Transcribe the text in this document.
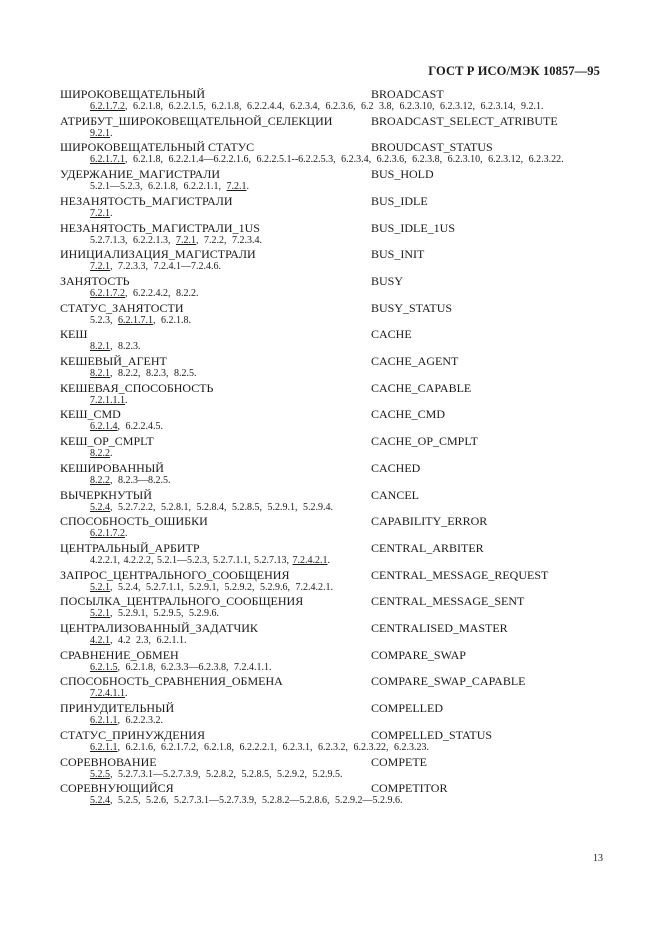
ГОСТ Р ИСО/МЭК 10857—95
ШИРОКОВЕЩАТЕЛЬНЫЙ	BROADCAST
6.2.1.7.2, 6.2.1.8, 6.2.2.1.5, 6.2.1.8, 6.2.2.4.4, 6.2.3.4, 6.2.3.6, 6.2 3.8, 6.2.3.10, 6.2.3.12, 6.2.3.14, 9.2.1.
АТРИБУТ_ШИРОКОВЕЩАТЕЛЬНОЙ_СЕЛЕКЦИИ	BROADCAST_SELECT_ATRIBUTE
9.2.1.
ШИРОКОВЕЩАТЕЛЬНЫЙ СТАТУС	BROUDCAST_STATUS
6.2.1.7.1, 6.2.1.8, 6.2.2.1.4—6.2.2.1.6, 6.2.2.5.1--6.2.2.5.3, 6.2.3.4, 6.2.3.6, 6.2.3.8, 6.2.3.10, 6.2.3.12, 6.2.3.22.
УДЕРЖАНИЕ_МАГИСТРАЛИ	BUS_HOLD
5.2.1—5.2.3, 6.2.1.8, 6.2.2.1.1, 7.2.1.
НЕЗАНЯТОСТЬ_МАГИСТРАЛИ	BUS_IDLE
7.2.1.
НЕЗАНЯТОСТЬ_МАГИСТРАЛИ_1US	BUS_IDLE_1US
5.2.7.1.3, 6.2.2.1.3, 7.2.1, 7.2.2, 7.2.3.4.
ИНИЦИАЛИЗАЦИЯ_МАГИСТРАЛИ	BUS_INIT
7.2.1, 7.2.3.3, 7.2.4.1—7.2.4.6.
ЗАНЯТОСТЬ	BUSY
6.2.1.7.2, 6.2.2.4.2, 8.2.2.
СТАТУС_ЗАНЯТОСТИ	BUSY_STATUS
5.2.3, 6.2.1.7.1, 6.2.1.8.
КЕШ	CACHE
8.2.1, 8.2.3.
КЕШЕВЫЙ_АГЕНТ	CACHE_AGENT
8.2.1, 8.2.2, 8.2.3, 8.2.5.
КЕШЕВАЯ_СПОСОБНОСТЬ	CACHE_CAPABLE
7.2.1.1.1.
КЕШ_CMD	CACHE_CMD
6.2.1.4, 6.2.2.4.5.
КЕШ_OP_CMPLT	CACHE_OP_CMPLT
8.2.2.
КЕШИРОВАННЫЙ	CACHED
8.2.2, 8.2.3—8.2.5.
ВЫЧЕРКНУТЫЙ	CANCEL
5.2.4, 5.2.7.2.2, 5.2.8.1, 5.2.8.4, 5.2.8.5, 5.2.9.1, 5.2.9.4.
СПОСОБНОСТЬ_ОШИБКИ	CAPABILITY_ERROR
6.2.1.7.2.
ЦЕНТРАЛЬНЫЙ_АРБИТР	CENTRAL_ARBITER
4.2.2.1, 4.2.2.2, 5.2.1—5.2.3, 5.2.7.1.1, 5.2.7.13, 7.2.4.2.1.
ЗАПРОС_ЦЕНТРАЛЬНОГО_СООБЩЕНИЯ	CENTRAL_MESSAGE_REQUEST
5.2.1, 5.2.4, 5.2.7.1.1, 5.2.9.1, 5.2.9.2, 5.2.9.6, 7.2.4.2.1.
ПОСЫЛКА_ЦЕНТРАЛЬНОГО_СООБЩЕНИЯ	CENTRAL_MESSAGE_SENT
5.2.1, 5.2.9.1, 5.2.9.5, 5.2.9.6.
ЦЕНТРАЛИЗОВАННЫЙ_ЗАДАТЧИК	CENTRALISED_MASTER
4.2.1, 4.2 2.3, 6.2.1.1.
СРАВНЕНИЕ_ОБМЕН	COMPARE_SWAP
6.2.1.5, 6.2.1.8, 6.2.3.3—6.2.3.8, 7.2.4.1.1.
СПОСОБНОСТЬ_СРАВНЕНИЯ_ОБМЕНА	COMPARE_SWAP_CAPABLE
7.2.4.1.1.
ПРИНУДИТЕЛЬНЫЙ	COMPELLED
6.2.1.1, 6.2.2.3.2.
СТАТУС_ПРИНУЖДЕНИЯ	COMPELLED_STATUS
6.2.1.1, 6.2.1.6, 6.2.1.7.2, 6.2.1.8, 6.2.2.2.1, 6.2.3.1, 6.2.3.2, 6.2.3.22, 6.2.3.23.
СОРЕВНОВАНИЕ	COMPETE
5.2.5, 5.2.7.3.1—5.2.7.3.9, 5.2.8.2, 5.2.8.5, 5.2.9.2, 5.2.9.5.
СОРЕВНУЮЩИЙСЯ	COMPETITOR
5.2.4, 5.2.5, 5.2.6, 5.2.7.3.1—5.2.7.3.9, 5.2.8.2—5.2.8.6, 5.2.9.2—5.2.9.6.
13
